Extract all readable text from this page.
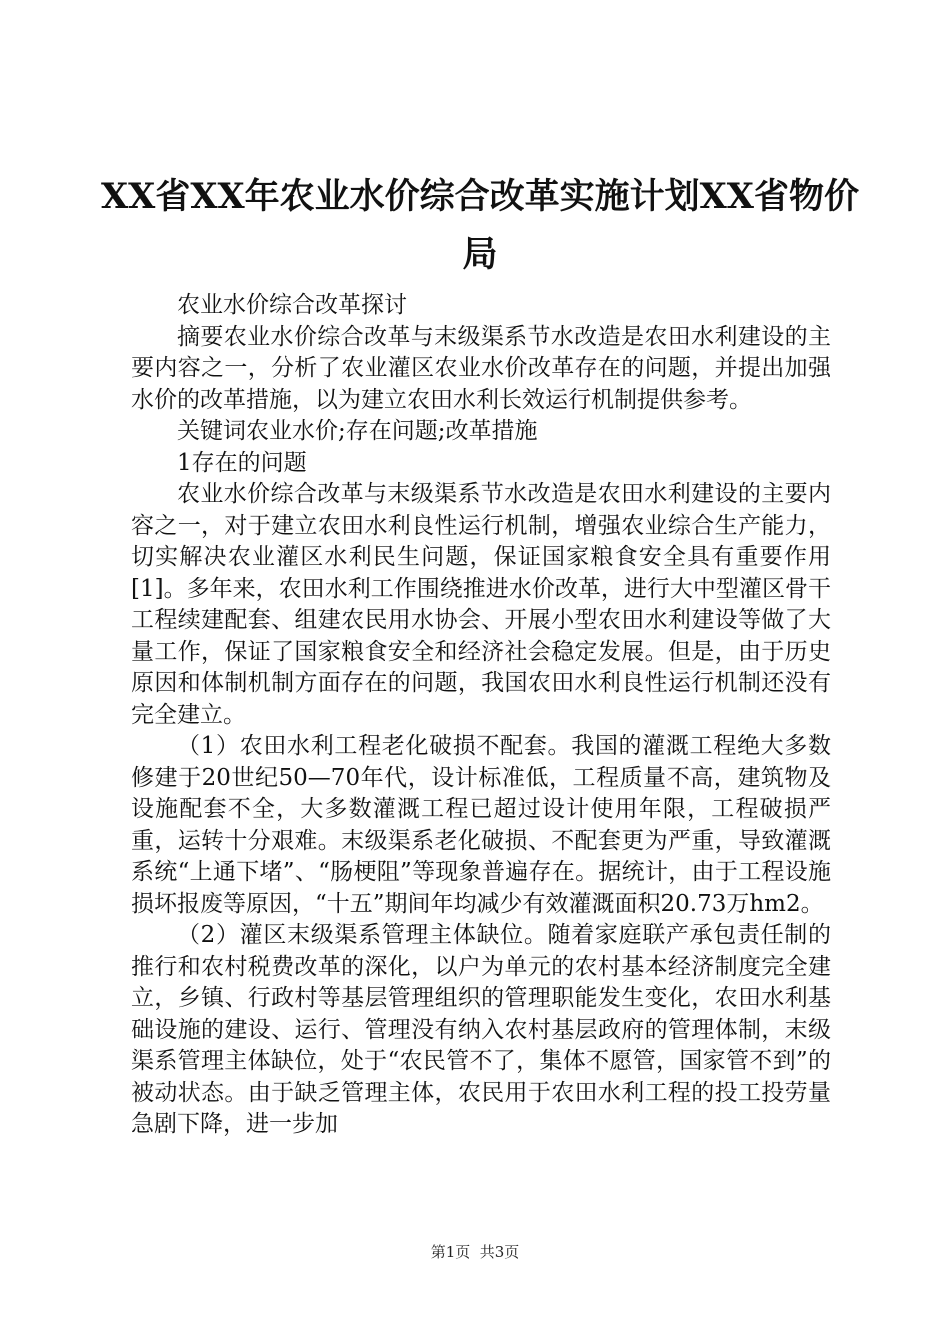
XX省XX年农业水价综合改革实施计划XX省物价局

农业水价综合改革探讨

摘要农业水价综合改革与末级渠系节水改造是农田水利建设的主要内容之一，分析了农业灌区农业水价改革存在的问题，并提出加强水价的改革措施，以为建立农田水利长效运行机制提供参考。

关键词农业水价;存在问题;改革措施

1存在的问题

农业水价综合改革与末级渠系节水改造是农田水利建设的主要内容之一，对于建立农田水利良性运行机制，增强农业综合生产能力，切实解决农业灌区水利民生问题，保证国家粮食安全具有重要作用[1]。多年来，农田水利工作围绕推进水价改革，进行大中型灌区骨干工程续建配套、组建农民用水协会、开展小型农田水利建设等做了大量工作，保证了国家粮食安全和经济社会稳定发展。但是，由于历史原因和体制机制方面存在的问题，我国农田水利良性运行机制还没有完全建立。

（1）农田水利工程老化破损不配套。我国的灌溉工程绝大多数修建于20世纪50—70年代，设计标准低，工程质量不高，建筑物及设施配套不全，大多数灌溉工程已超过设计使用年限，工程破损严重，运转十分艰难。末级渠系老化破损、不配套更为严重，导致灌溉系统“上通下堵”、“肠梗阻”等现象普遍存在。据统计，由于工程设施损坏报废等原因，“十五”期间年均减少有效灌溉面积20.73万hm2。

（2）灌区末级渠系管理主体缺位。随着家庭联产承包责任制的推行和农村税费改革的深化，以户为单元的农村基本经济制度完全建立，乡镇、行政村等基层管理组织的管理职能发生变化，农田水利基础设施的建设、运行、管理没有纳入农村基层政府的管理体制，末级渠系管理主体缺位，处于“农民管不了，集体不愿管，国家管不到”的被动状态。由于缺乏管理主体，农民用于农田水利工程的投工投劳量急剧下降，进一步加

第1页  共3页
